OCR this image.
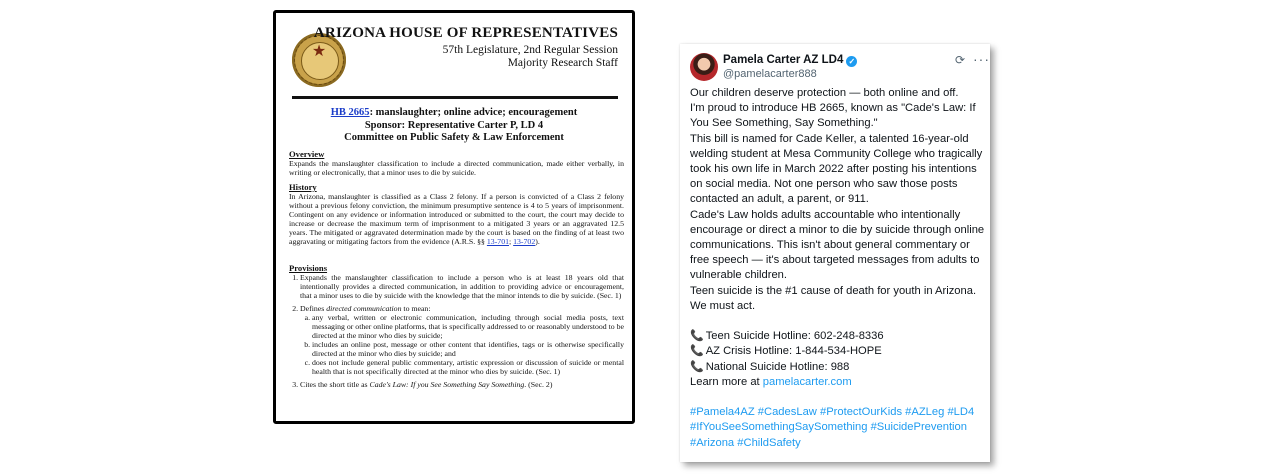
★
ARIZONA HOUSE OF REPRESENTATIVES
57th Legislature, 2nd Regular Session
Majority Research Staff
HB 2665: manslaughter; online advice; encouragement
Sponsor: Representative Carter P, LD 4
Committee on Public Safety & Law Enforcement
Overview

Expands the manslaughter classification to include a directed communication, made either verbally, in writing or electronically, that a minor uses to die by suicide.

History

In Arizona, manslaughter is classified as a Class 2 felony. If a person is convicted of a Class 2 felony without a previous felony conviction, the minimum presumptive sentence is 4 to 5 years of imprisonment. Contingent on any evidence or information introduced or submitted to the court, the court may decide to increase or decrease the maximum term of imprisonment to a mitigated 3 years or an aggravated 12.5 years. The mitigated or aggravated determination made by the court is based on the finding of at least two aggravating or mitigating factors from the evidence (A.R.S. §§ 13-701; 13-702).

Provisions
1. Expands the manslaughter classification to include a person who is at least 18 years old that intentionally provides a directed communication, in addition to providing advice or encouragement, that a minor uses to die by suicide with the knowledge that the minor intends to die by suicide. (Sec. 1)
2. Defines directed communication to mean:
a. any verbal, written or electronic communication, including through social media posts, text messaging or other online platforms, that is specifically addressed to or reasonably understood to be directed at the minor who dies by suicide;
b. includes an online post, message or other content that identifies, tags or is otherwise specifically directed at the minor who dies by suicide; and
c. does not include general public commentary, artistic expression or discussion of suicide or mental health that is not specifically directed at the minor who dies by suicide. (Sec. 1)
3. Cites the short title as Cade's Law: If you See Something Say Something. (Sec. 2)
Pamela Carter AZ LD4 ✓
@pamelacarter888
⟳ ···

Our children deserve protection — both online and off.

I'm proud to introduce HB 2665, known as "Cade's Law: If You See Something, Say Something."

This bill is named for Cade Keller, a talented 16-year-old welding student at Mesa Community College who tragically took his own life in March 2022 after posting his intentions on social media. Not one person who saw those posts contacted an adult, a parent, or 911.

Cade's Law holds adults accountable who intentionally encourage or direct a minor to die by suicide through online communications. This isn't about general commentary or free speech — it's about targeted messages from adults to vulnerable children.

Teen suicide is the #1 cause of death for youth in Arizona. We must act.

📞 Teen Suicide Hotline: 602-248-8336

📞 AZ Crisis Hotline: 1-844-534-HOPE

📞 National Suicide Hotline: 988

Learn more at pamelacarter.com

#Pamela4AZ #CadesLaw #ProtectOurKids #AZLeg #LD4 #IfYouSeeSomethingSaySomething #SuicidePrevention #Arizona #ChildSafety
